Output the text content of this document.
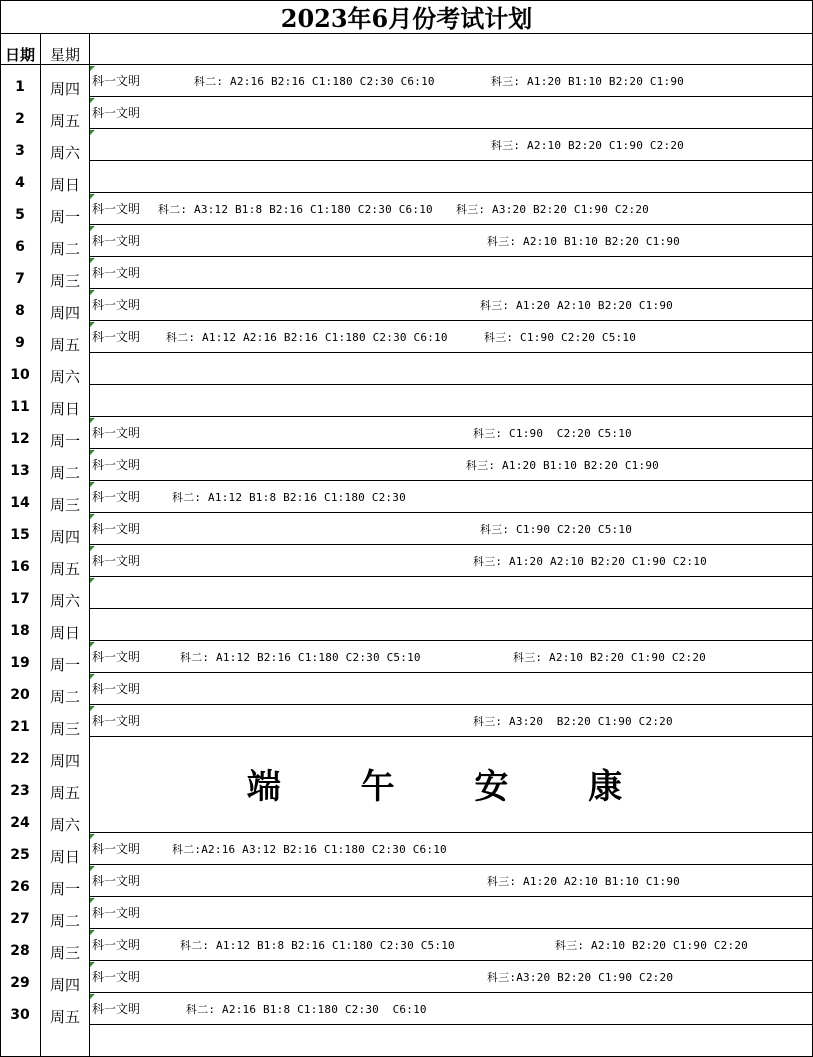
2023年6月份考试计划
日期 星期
1	周四	科一文明	科二: A2:16 B2:16 C1:180 C2:30 C6:10	科三: A1:20 B1:10 B2:20 C1:90
2	周五	科一文明
3	周六	科三: A2:10 B2:20 C1:90 C2:20
4	周日
5	周一	科一文明 科二: A3:12 B1:8 B2:16 C1:180 C2:30 C6:10 科三: A3:20 B2:20 C1:90 C2:20
6	周二	科一文明	科三: A2:10 B1:10 B2:20 C1:90
7	周三	科一文明
8	周四	科一文明	科三: A1:20 A2:10 B2:20 C1:90
9	周五	科一文明 科二: A1:12 A2:16 B2:16 C1:180 C2:30 C6:10	科三: C1:90 C2:20 C5:10
10	周六
11	周日
12	周一	科一文明	科三: C1:90  C2:20 C5:10
13	周二	科一文明	科三: A1:20 B1:10 B2:20 C1:90
14	周三	科一文明	科二: A1:12 B1:8 B2:16 C1:180 C2:30
15	周四	科一文明	科三: C1:90 C2:20 C5:10
16	周五	科一文明	科三: A1:20 A2:10 B2:20 C1:90 C2:10
17	周六
18	周日
19	周一	科一文明	科二: A1:12 B2:16 C1:180 C2:30 C5:10	科三: A2:10 B2:20 C1:90 C2:20
20	周二	科一文明
21	周三	科一文明	科三: A3:20  B2:20 C1:90 C2:20
22	周四
23	周五
24	周六
25	周日	科一文明	科二:A2:16 A3:12 B2:16 C1:180 C2:30 C6:10
26	周一	科一文明	科三: A1:20 A2:10 B1:10 C1:90
27	周二	科一文明
28	周三	科一文明	科二: A1:12 B1:8 B2:16 C1:180 C2:30 C5:10	科三: A2:10 B2:20 C1:90 C2:20
29	周四	科一文明	科三:A3:20 B2:20 C1:90 C2:20
30	周五	科一文明	科二: A2:16 B1:8 C1:180 C2:30  C6:10
端 午 安 康
